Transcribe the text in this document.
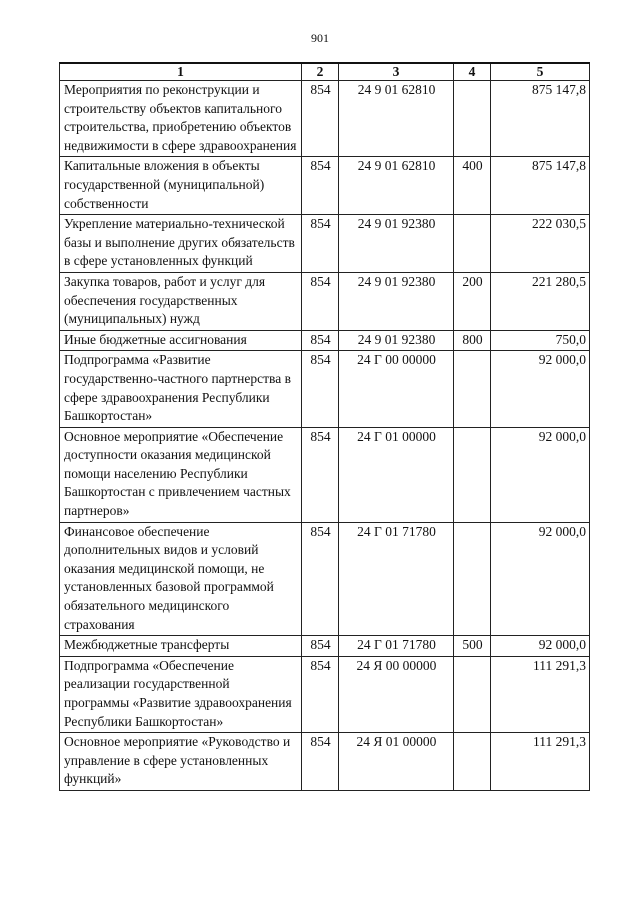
901
1	2	3	4	5
Мероприятия по реконструкции и строительству объектов капитального строительства, приобретению объектов недвижимости в сфере здравоохранения	854	24 9 01 62810		875 147,8
Капитальные вложения в объекты государственной (муниципальной) собственности	854	24 9 01 62810	400	875 147,8
Укрепление материально-технической базы и выполнение других обязательств в сфере установленных функций	854	24 9 01 92380		222 030,5
Закупка товаров, работ и услуг для обеспечения государственных (муниципальных) нужд	854	24 9 01 92380	200	221 280,5
Иные бюджетные ассигнования	854	24 9 01 92380	800	750,0
Подпрограмма «Развитие государственно-частного партнерства в сфере здравоохранения Республики Башкортостан»	854	24 Г 00 00000		92 000,0
Основное мероприятие «Обеспечение доступности оказания медицинской помощи населению Республики Башкортостан с привлечением частных партнеров»	854	24 Г 01 00000		92 000,0
Финансовое обеспечение дополнительных видов и условий оказания медицинской помощи, не установленных базовой программой обязательного медицинского страхования	854	24 Г 01 71780		92 000,0
Межбюджетные трансферты	854	24 Г 01 71780	500	92 000,0
Подпрограмма «Обеспечение реализации государственной программы «Развитие здравоохранения Республики Башкортостан»	854	24 Я 00 00000		111 291,3
Основное мероприятие «Руководство и управление в сфере установленных функций»	854	24 Я 01 00000		111 291,3
